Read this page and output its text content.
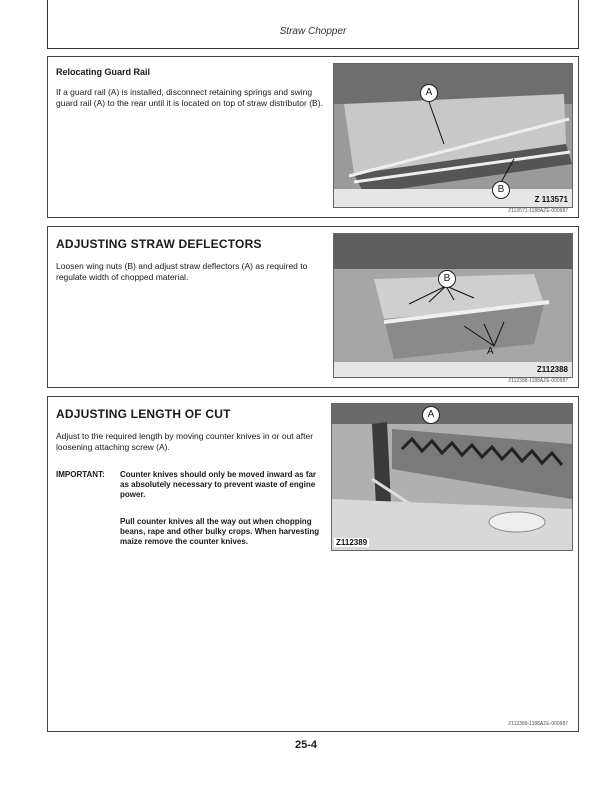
Straw Chopper
Relocating Guard Rail

If a guard rail (A) is installed, disconnect retaining springs and swing guard rail (A) to the rear until it is located on top of straw distributor (B).

A
B
Z 113571
Z113571-1188AZE-000987
ADJUSTING STRAW DEFLECTORS

Loosen wing nuts (B) and adjust straw deflectors (A) as required to regulate width of chopped material.	B
A
Z112388
Z112388-1188AZE-000987
ADJUSTING LENGTH OF CUT

Adjust to the required length by moving counter knives in or out after loosening attaching screw (A).

IMPORTANT: Counter knives should only be moved inward as far as absolutely necessary to prevent waste of engine power.
Pull counter knives all the way out when chopping beans, rape and other bulky crops. When harvesting maize remove the counter knives.
A
Z112389
Z112389-1188AZE-000987
25-4
